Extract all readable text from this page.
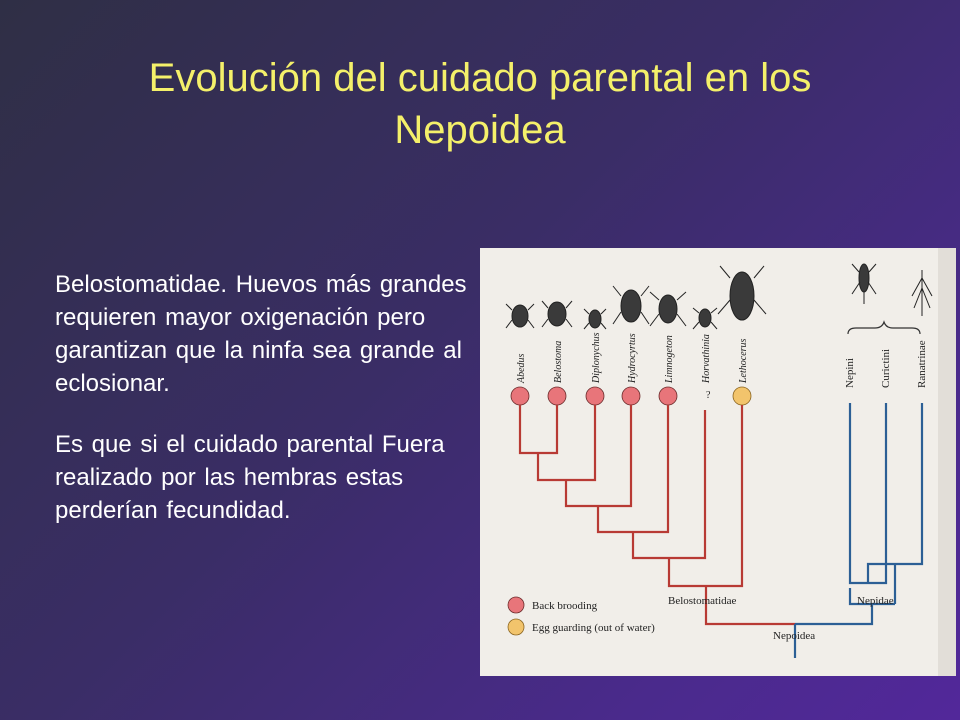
Evolución del cuidado parental en los
Nepoidea

Belostomatidae. Huevos más grandes requieren mayor oxigenación pero garantizan que la ninfa sea grande al eclosionar.

Es que si el cuidado parental Fuera realizado por las hembras estas perderían fecundidad.

Abedus	Belostoma	Diplonychus	Hydrocyrtus	Limnogeton	Horvathinia	Lethocerus	Nepini Curictini Ranatrinae
?
Belostomatidae	Nepidae
Nepoidea
Back brooding
Egg guarding (out of water)
